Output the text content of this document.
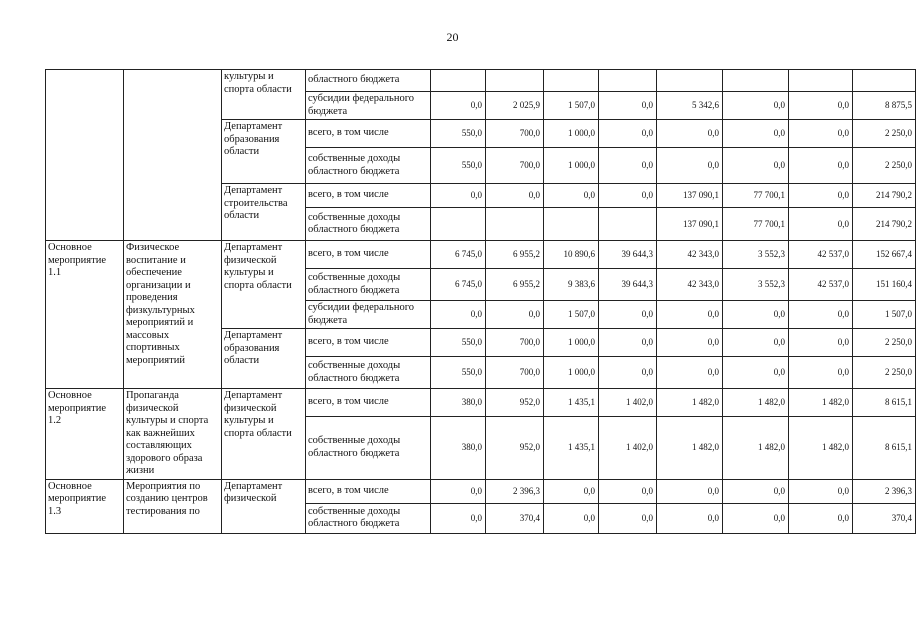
20
		культуры и спорта области	областного бюджета								
			субсидии федерального бюджета	0,0	2 025,9	1 507,0	0,0	5 342,6	0,0	0,0	8 875,5
		Департамент образования области	всего, в том числе	550,0	700,0	1 000,0	0,0	0,0	0,0	0,0	2 250,0
			собственные доходы областного бюджета	550,0	700,0	1 000,0	0,0	0,0	0,0	0,0	2 250,0
		Департамент строительства области	всего, в том числе	0,0	0,0	0,0	0,0	137 090,1	77 700,1	0,0	214 790,2
			собственные доходы областного бюджета					137 090,1	77 700,1	0,0	214 790,2
Основное мероприятие 1.1	Физическое воспитание и обеспечение организации и проведения физкультурных мероприятий и массовых спортивных мероприятий	Департамент физической культуры и спорта области	всего, в том числе	6 745,0	6 955,2	10 890,6	39 644,3	42 343,0	3 552,3	42 537,0	152 667,4
			собственные доходы областного бюджета	6 745,0	6 955,2	9 383,6	39 644,3	42 343,0	3 552,3	42 537,0	151 160,4
			субсидии федерального бюджета	0,0	0,0	1 507,0	0,0	0,0	0,0	0,0	1 507,0
		Департамент образования области	всего, в том числе	550,0	700,0	1 000,0	0,0	0,0	0,0	0,0	2 250,0
			собственные доходы областного бюджета	550,0	700,0	1 000,0	0,0	0,0	0,0	0,0	2 250,0
Основное мероприятие 1.2	Пропаганда физической культуры и спорта как важнейших составляющих здорового образа жизни	Департамент физической культуры и спорта области	всего, в том числе	380,0	952,0	1 435,1	1 402,0	1 482,0	1 482,0	1 482,0	8 615,1
			собственные доходы областного бюджета	380,0	952,0	1 435,1	1 402,0	1 482,0	1 482,0	1 482,0	8 615,1
Основное мероприятие 1.3	Мероприятия по созданию центров тестирования по	Департамент физической	всего, в том числе	0,0	2 396,3	0,0	0,0	0,0	0,0	0,0	2 396,3
			собственные доходы областного бюджета	0,0	370,4	0,0	0,0	0,0	0,0	0,0	370,4
